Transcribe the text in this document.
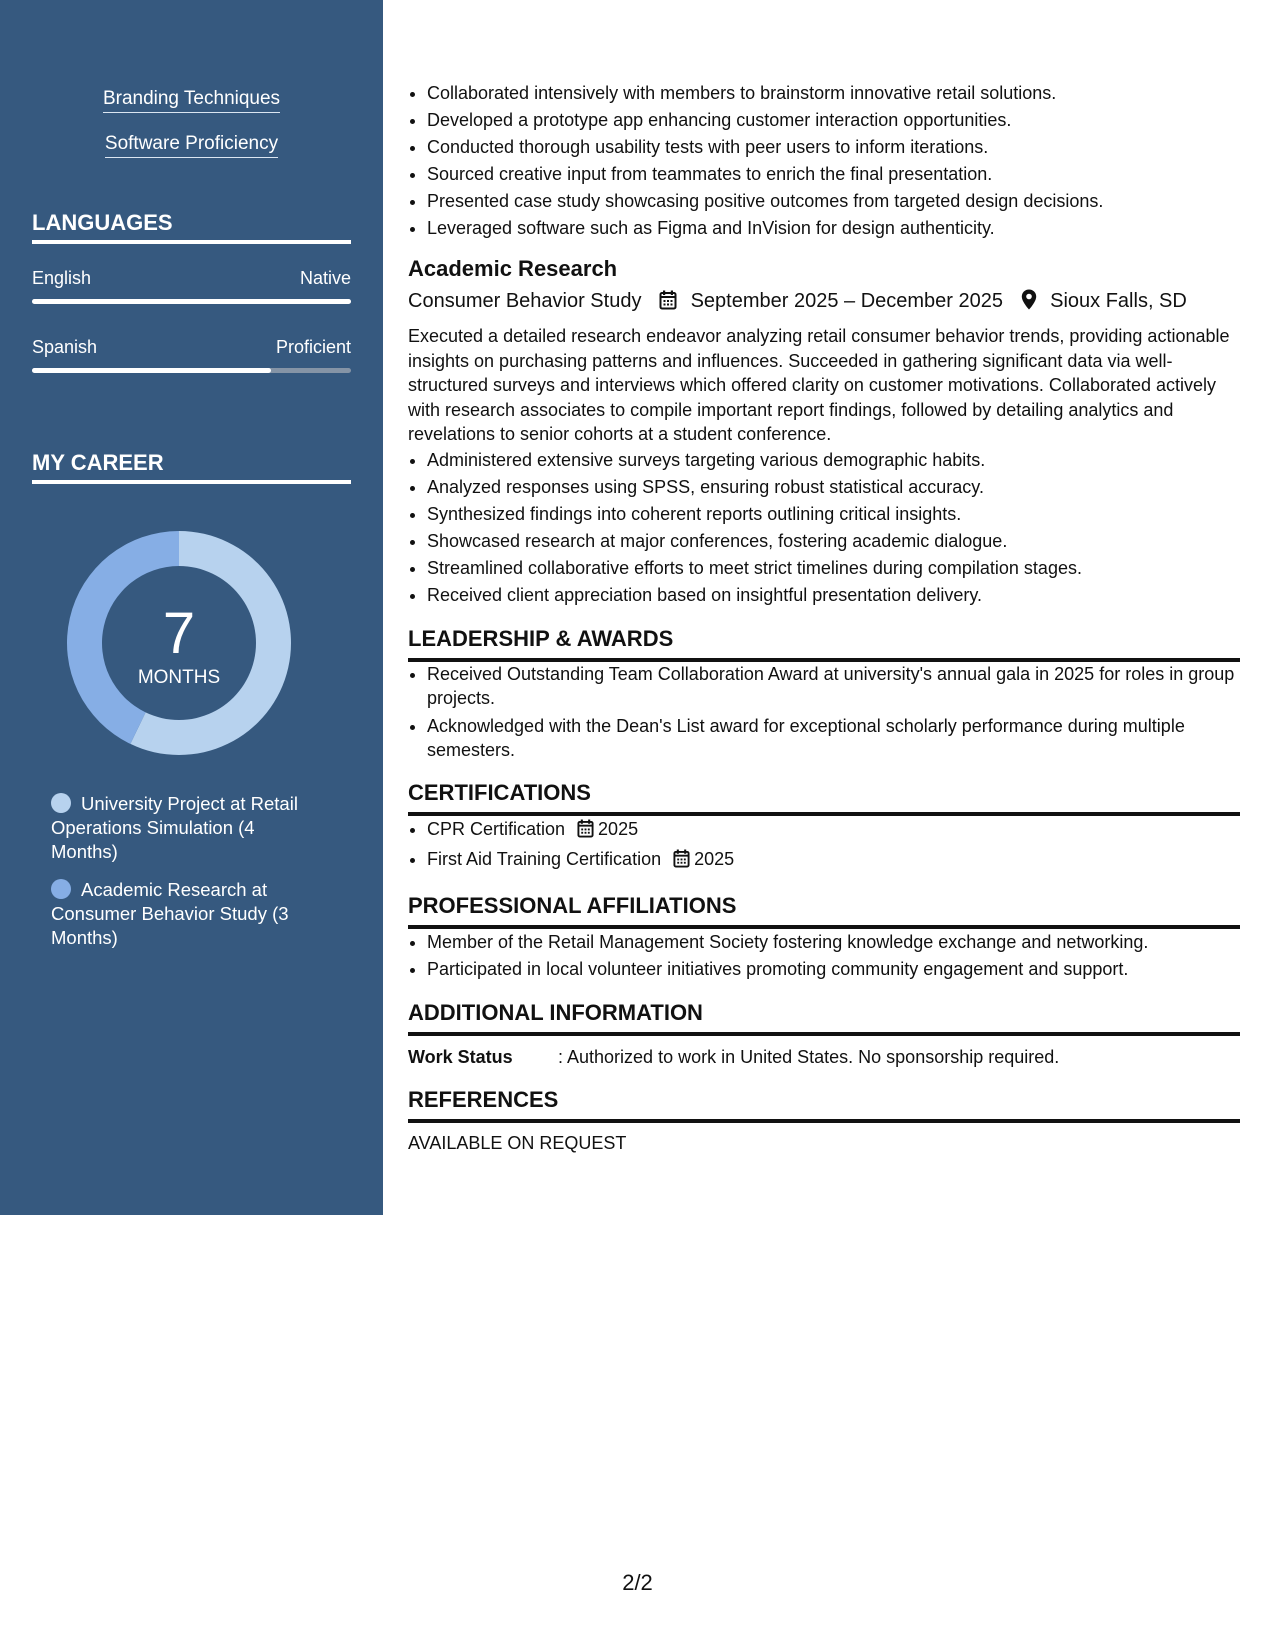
Branding Techniques
Software Proficiency
LANGUAGES
English	Native
Spanish	Proficient
MY CAREER
7
MONTHS
University Project at Retail Operations Simulation (4 Months)
Academic Research at Consumer Behavior Study (3 Months)
• Collaborated intensively with members to brainstorm innovative retail solutions.
• Developed a prototype app enhancing customer interaction opportunities.
• Conducted thorough usability tests with peer users to inform iterations.
• Sourced creative input from teammates to enrich the final presentation.
• Presented case study showcasing positive outcomes from targeted design decisions.
• Leveraged software such as Figma and InVision for design authenticity.
Academic Research
Consumer Behavior Study September 2025 – December 2025 Sioux Falls, SD
Executed a detailed research endeavor analyzing retail consumer behavior trends, providing actionable insights on purchasing patterns and influences. Succeeded in gathering significant data via well-structured surveys and interviews which offered clarity on customer motivations. Collaborated actively with research associates to compile important report findings, followed by detailing analytics and revelations to senior cohorts at a student conference.
• Administered extensive surveys targeting various demographic habits.
• Analyzed responses using SPSS, ensuring robust statistical accuracy.
• Synthesized findings into coherent reports outlining critical insights.
• Showcased research at major conferences, fostering academic dialogue.
• Streamlined collaborative efforts to meet strict timelines during compilation stages.
• Received client appreciation based on insightful presentation delivery.
LEADERSHIP & AWARDS
• Received Outstanding Team Collaboration Award at university's annual gala in 2025 for roles in group projects.
• Acknowledged with the Dean's List award for exceptional scholarly performance during multiple semesters.
CERTIFICATIONS
• CPR Certification 2025
• First Aid Training Certification 2025
PROFESSIONAL AFFILIATIONS
• Member of the Retail Management Society fostering knowledge exchange and networking.
• Participated in local volunteer initiatives promoting community engagement and support.
ADDITIONAL INFORMATION
Work Status	: Authorized to work in United States. No sponsorship required.
REFERENCES
AVAILABLE ON REQUEST
2/2
